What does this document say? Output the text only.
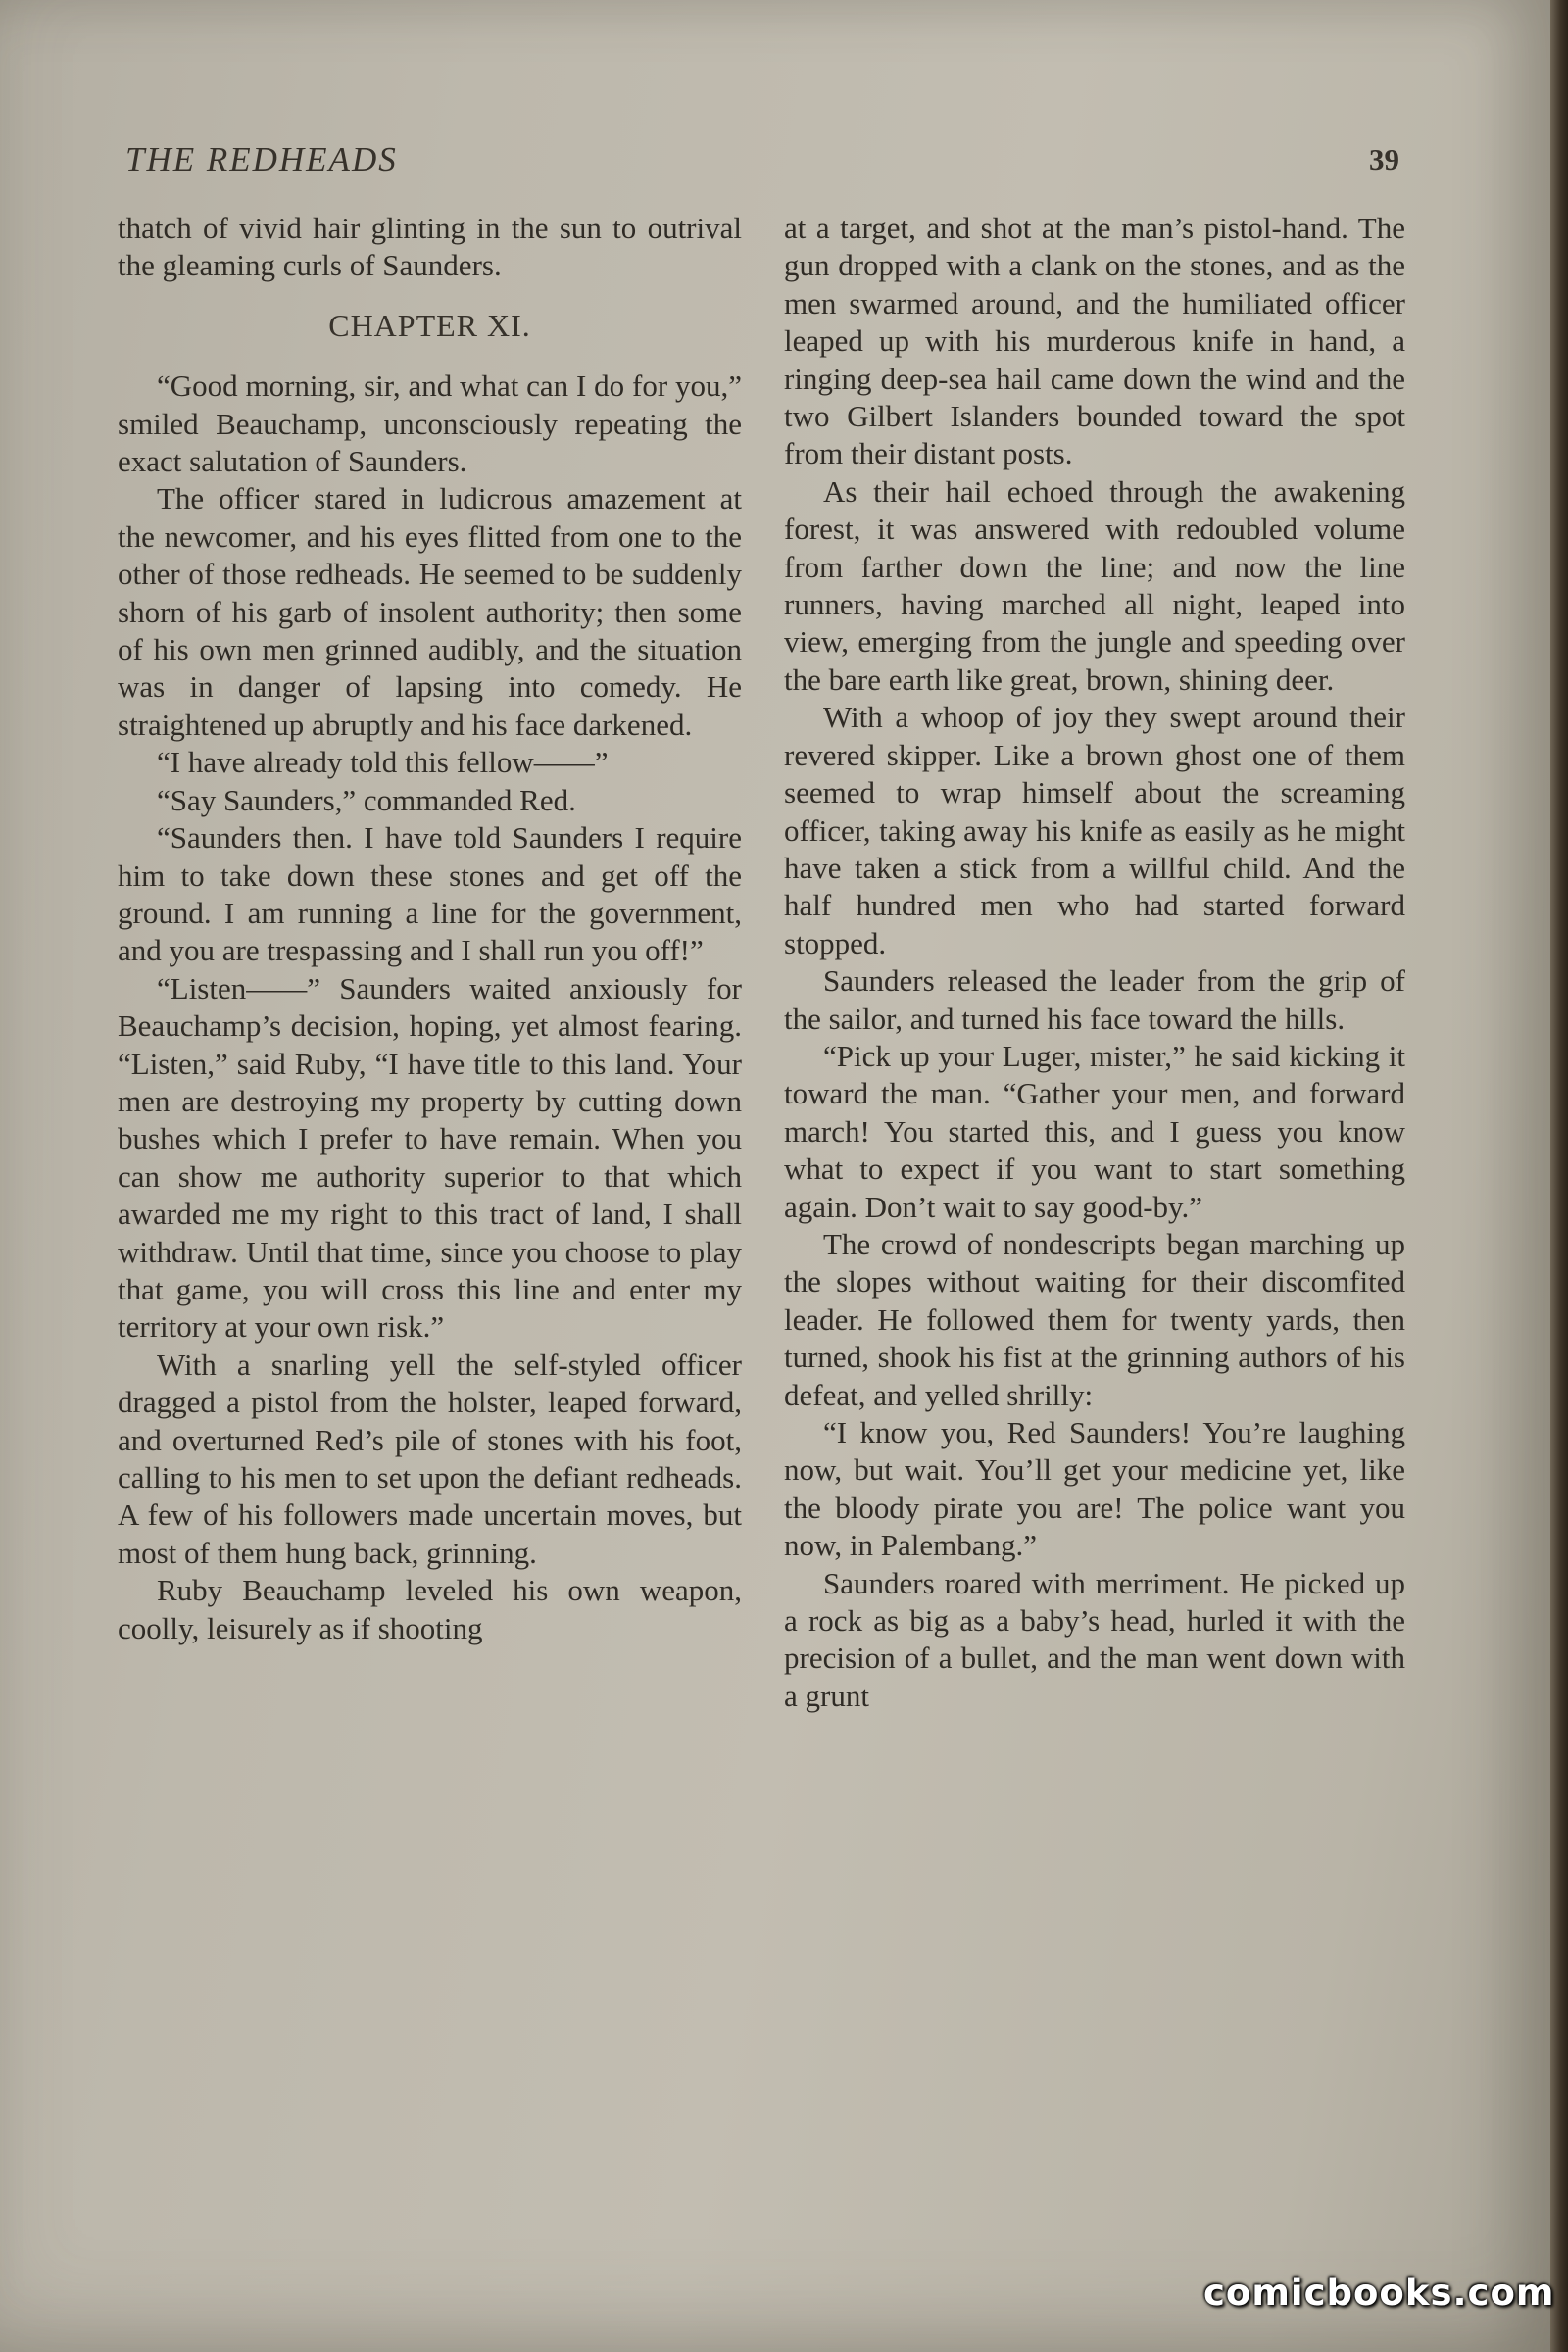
THE REDHEADS	39

thatch of vivid hair glinting in the sun to outrival the gleaming curls of Saunders.

CHAPTER XI.

“Good morning, sir, and what can I do for you,” smiled Beauchamp, unconsciously repeating the exact salutation of Saunders.

The officer stared in ludicrous amazement at the newcomer, and his eyes flitted from one to the other of those redheads. He seemed to be suddenly shorn of his garb of insolent authority; then some of his own men grinned audibly, and the situation was in danger of lapsing into comedy. He straightened up abruptly and his face darkened.

“I have already told this fellow——”

“Say Saunders,” commanded Red.

“Saunders then. I have told Saunders I require him to take down these stones and get off the ground. I am running a line for the government, and you are trespassing and I shall run you off!”

“Listen——” Saunders waited anxiously for Beauchamp’s decision, hoping, yet almost fearing. “Listen,” said Ruby, “I have title to this land. Your men are destroying my property by cutting down bushes which I prefer to have remain. When you can show me authority superior to that which awarded me my right to this tract of land, I shall withdraw. Until that time, since you choose to play that game, you will cross this line and enter my territory at your own risk.”

With a snarling yell the self-styled officer dragged a pistol from the holster, leaped forward, and overturned Red’s pile of stones with his foot, calling to his men to set upon the defiant redheads. A few of his followers made uncertain moves, but most of them hung back, grinning.

Ruby Beauchamp leveled his own weapon, coolly, leisurely as if shooting

at a target, and shot at the man’s pistol-hand. The gun dropped with a clank on the stones, and as the men swarmed around, and the humiliated officer leaped up with his murderous knife in hand, a ringing deep-sea hail came down the wind and the two Gilbert Islanders bounded toward the spot from their distant posts.

As their hail echoed through the awakening forest, it was answered with redoubled volume from farther down the line; and now the line runners, having marched all night, leaped into view, emerging from the jungle and speeding over the bare earth like great, brown, shining deer.

With a whoop of joy they swept around their revered skipper. Like a brown ghost one of them seemed to wrap himself about the screaming officer, taking away his knife as easily as he might have taken a stick from a willful child. And the half hundred men who had started forward stopped.

Saunders released the leader from the grip of the sailor, and turned his face toward the hills.

“Pick up your Luger, mister,” he said kicking it toward the man. “Gather your men, and forward march! You started this, and I guess you know what to expect if you want to start something again. Don’t wait to say good-by.”

The crowd of nondescripts began marching up the slopes without waiting for their discomfited leader. He followed them for twenty yards, then turned, shook his fist at the grinning authors of his defeat, and yelled shrilly:

“I know you, Red Saunders! You’re laughing now, but wait. You’ll get your medicine yet, like the bloody pirate you are! The police want you now, in Palembang.”

Saunders roared with merriment. He picked up a rock as big as a baby’s head, hurled it with the precision of a bullet, and the man went down with a grunt

comicbooks.com
